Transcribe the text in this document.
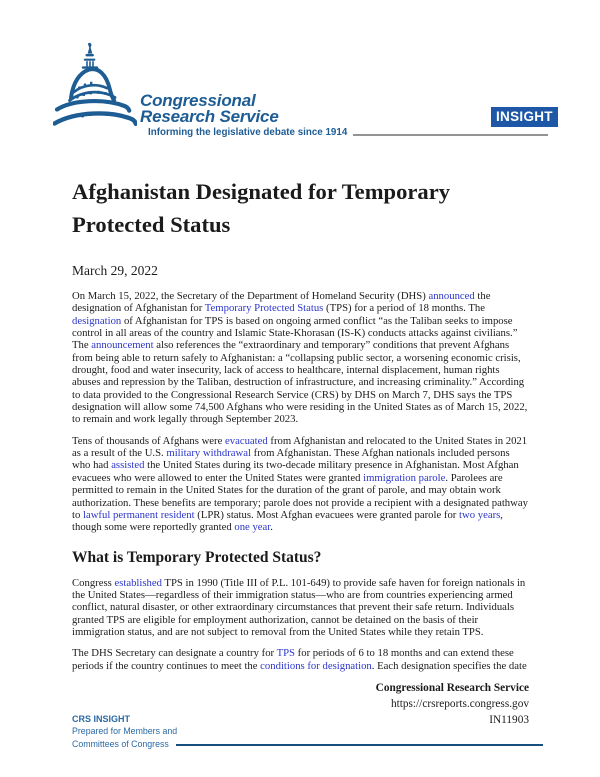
Congressional
Research Service
Informing the legislative debate since 1914
INSIGHT
Afghanistan Designated for Temporary Protected Status
March 29, 2022

On March 15, 2022, the Secretary of the Department of Homeland Security (DHS) announced the designation of Afghanistan for Temporary Protected Status (TPS) for a period of 18 months. The designation of Afghanistan for TPS is based on ongoing armed conflict “as the Taliban seeks to impose control in all areas of the country and Islamic State-Khorasan (IS-K) conducts attacks against civilians.” The announcement also references the “extraordinary and temporary” conditions that prevent Afghans from being able to return safely to Afghanistan: a “collapsing public sector, a worsening economic crisis, drought, food and water insecurity, lack of access to healthcare, internal displacement, human rights abuses and repression by the Taliban, destruction of infrastructure, and increasing criminality.” According to data provided to the Congressional Research Service (CRS) by DHS on March 7, DHS says the TPS designation will allow some 74,500 Afghans who were residing in the United States as of March 15, 2022, to remain and work legally through September 2023.

Tens of thousands of Afghans were evacuated from Afghanistan and relocated to the United States in 2021 as a result of the U.S. military withdrawal from Afghanistan. These Afghan nationals included persons who had assisted the United States during its two-decade military presence in Afghanistan. Most Afghan evacuees who were allowed to enter the United States were granted immigration parole. Parolees are permitted to remain in the United States for the duration of the grant of parole, and may obtain work authorization. These benefits are temporary; parole does not provide a recipient with a designated pathway to lawful permanent resident (LPR) status. Most Afghan evacuees were granted parole for two years, though some were reportedly granted one year.

What is Temporary Protected Status?

Congress established TPS in 1990 (Title III of P.L. 101-649) to provide safe haven for foreign nationals in the United States—regardless of their immigration status—who are from countries experiencing armed conflict, natural disaster, or other extraordinary circumstances that prevent their safe return. Individuals granted TPS are eligible for employment authorization, cannot be detained on the basis of their immigration status, and are not subject to removal from the United States while they retain TPS.

The DHS Secretary can designate a country for TPS for periods of 6 to 18 months and can extend these periods if the country continues to meet the conditions for designation. Each designation specifies the date

Congressional Research Service
https://crsreports.congress.gov
IN11903
CRS INSIGHT
Prepared for Members and
Committees of Congress
